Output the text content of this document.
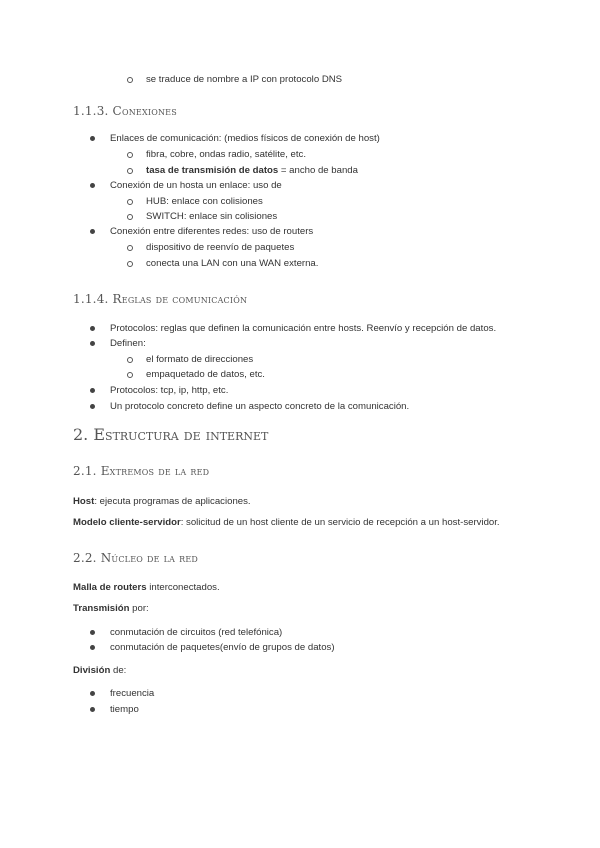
se traduce de nombre a IP con protocolo DNS
1.1.3. Conexiones
Enlaces de comunicación: (medios físicos de conexión de host)
fibra, cobre, ondas radio, satélite, etc.
tasa de transmisión de datos = ancho de banda
Conexión de un hosta un enlace: uso de
HUB: enlace con colisiones
SWITCH: enlace sin colisiones
Conexión entre diferentes redes: uso de routers
dispositivo de reenvío de paquetes
conecta una LAN con una WAN externa.
1.1.4. Reglas de comunicación
Protocolos: reglas que definen la comunicación entre hosts. Reenvío y recepción de datos.
Definen:
el formato de direcciones
empaquetado de datos, etc.
Protocolos: tcp, ip, http, etc.
Un protocolo concreto define un aspecto concreto de la comunicación.
2. Estructura de internet
2.1. Extremos de la red
Host: ejecuta programas de aplicaciones.
Modelo cliente-servidor: solicitud de un host cliente de un servicio de recepción a un host-servidor.
2.2. Núcleo de la red
Malla de routers interconectados.
Transmisión por:
conmutación de circuitos (red telefónica)
conmutación de paquetes(envío de grupos de datos)
División de:
frecuencia
tiempo
